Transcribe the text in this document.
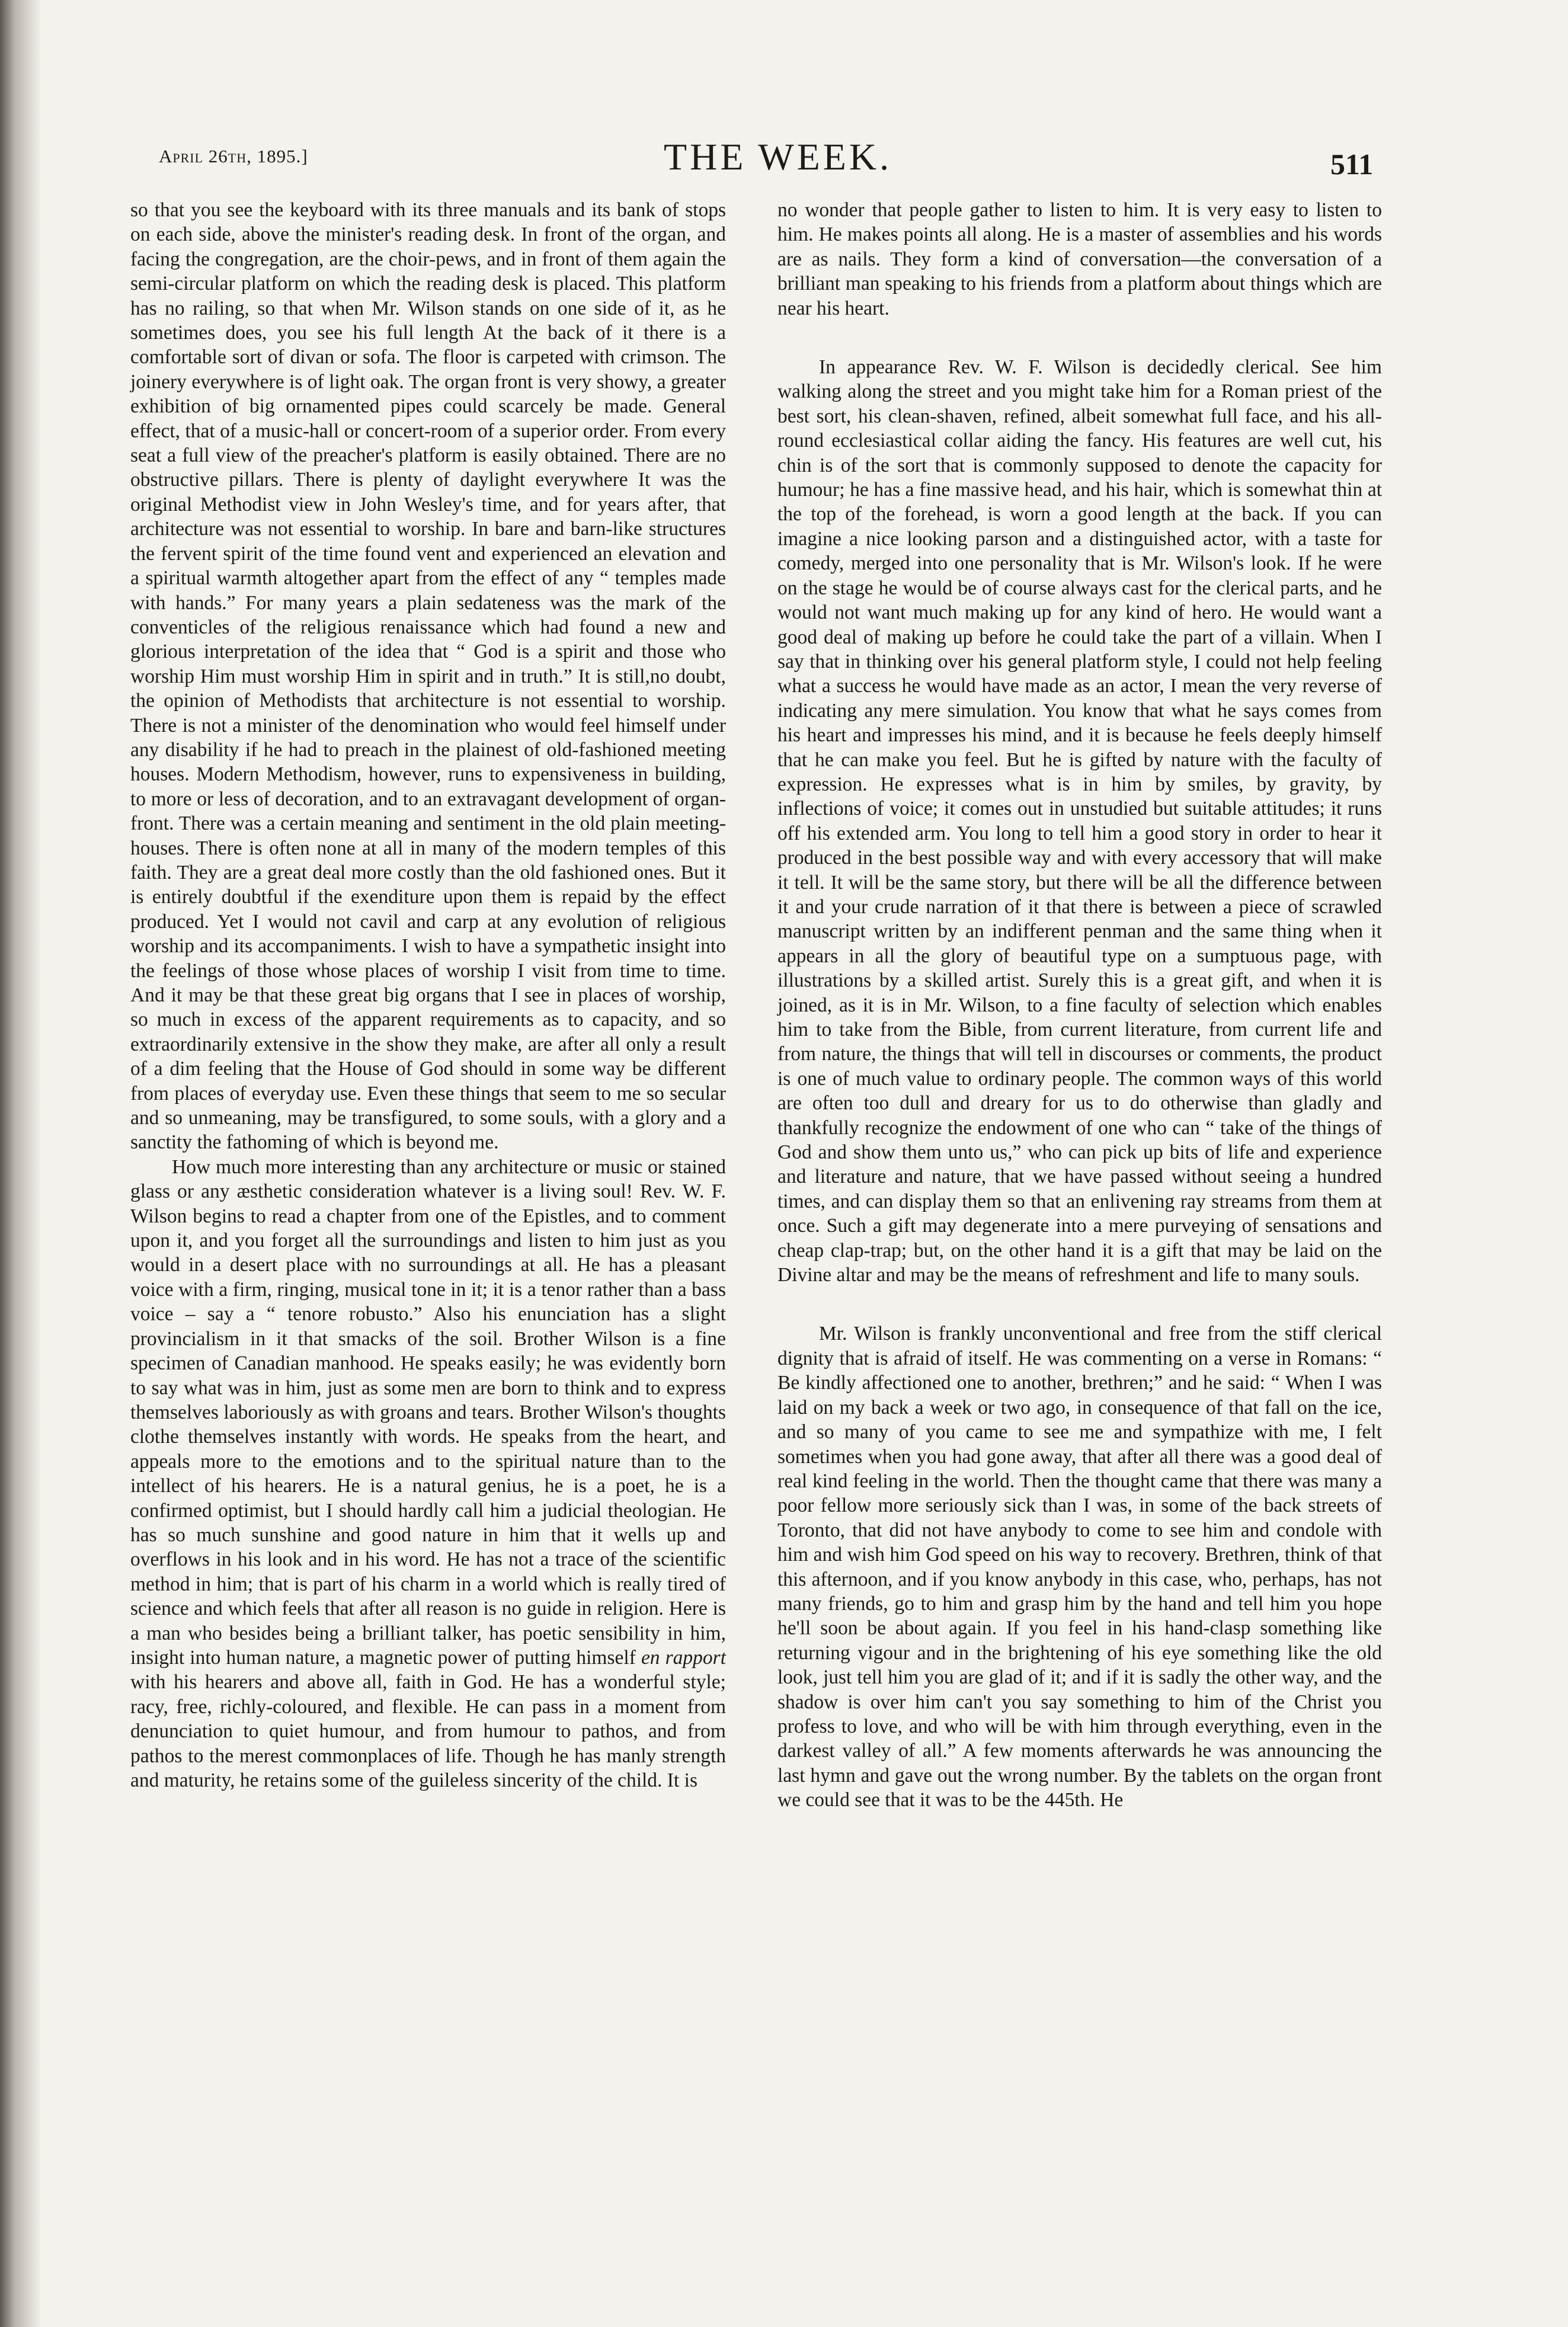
April 26th, 1895.]	THE WEEK.	511

so that you see the keyboard with its three manuals and its bank of stops on each side, above the minister's reading desk. In front of the organ, and facing the congregation, are the choir-pews, and in front of them again the semi-circular platform on which the reading desk is placed. This platform has no railing, so that when Mr. Wilson stands on one side of it, as he sometimes does, you see his full length At the back of it there is a comfortable sort of divan or sofa. The floor is carpeted with crimson. The joinery everywhere is of light oak. The organ front is very showy, a greater exhibition of big ornamented pipes could scarcely be made. General effect, that of a music-hall or concert-room of a superior order. From every seat a full view of the preacher's platform is easily obtained. There are no obstructive pillars. There is plenty of daylight everywhere It was the original Methodist view in John Wesley's time, and for years after, that architecture was not essential to worship. In bare and barn-like structures the fervent spirit of the time found vent and experienced an elevation and a spiritual warmth altogether apart from the effect of any “ temples made with hands.” For many years a plain sedateness was the mark of the conventicles of the religious renaissance which had found a new and glorious interpretation of the idea that “ God is a spirit and those who worship Him must worship Him in spirit and in truth.” It is still,no doubt, the opinion of Methodists that architecture is not essential to worship. There is not a minister of the denomination who would feel himself under any disability if he had to preach in the plainest of old-fashioned meeting houses. Modern Methodism, however, runs to expensiveness in building, to more or less of decoration, and to an extravagant development of organ-front. There was a certain meaning and sentiment in the old plain meeting-houses. There is often none at all in many of the modern temples of this faith. They are a great deal more costly than the old fashioned ones. But it is entirely doubtful if the exenditure upon them is repaid by the effect produced. Yet I would not cavil and carp at any evolution of religious worship and its accompaniments. I wish to have a sympathetic insight into the feelings of those whose places of worship I visit from time to time. And it may be that these great big organs that I see in places of worship, so much in excess of the apparent requirements as to capacity, and so extraordinarily extensive in the show they make, are after all only a result of a dim feeling that the House of God should in some way be different from places of everyday use. Even these things that seem to me so secular and so unmeaning, may be transfigured, to some souls, with a glory and a sanctity the fathoming of which is beyond me.

How much more interesting than any architecture or music or stained glass or any æsthetic consideration whatever is a living soul! Rev. W. F. Wilson begins to read a chapter from one of the Epistles, and to comment upon it, and you forget all the surroundings and listen to him just as you would in a desert place with no surroundings at all. He has a pleasant voice with a firm, ringing, musical tone in it; it is a tenor rather than a bass voice – say a “ tenore robusto.” Also his enunciation has a slight provincialism in it that smacks of the soil. Brother Wilson is a fine specimen of Canadian manhood. He speaks easily; he was evidently born to say what was in him, just as some men are born to think and to express themselves laboriously as with groans and tears. Brother Wilson's thoughts clothe themselves instantly with words. He speaks from the heart, and appeals more to the emotions and to the spiritual nature than to the intellect of his hearers. He is a natural genius, he is a poet, he is a confirmed optimist, but I should hardly call him a judicial theologian. He has so much sunshine and good nature in him that it wells up and overflows in his look and in his word. He has not a trace of the scientific method in him; that is part of his charm in a world which is really tired of science and which feels that after all reason is no guide in religion. Here is a man who besides being a brilliant talker, has poetic sensibility in him, insight into human nature, a magnetic power of putting himself en rapport with his hearers and above all, faith in God. He has a wonderful style; racy, free, richly-coloured, and flexible. He can pass in a moment from denunciation to quiet humour, and from humour to pathos, and from pathos to the merest commonplaces of life. Though he has manly strength and maturity, he retains some of the guileless sincerity of the child. It is

no wonder that people gather to listen to him. It is very easy to listen to him. He makes points all along. He is a master of assemblies and his words are as nails. They form a kind of conversation—the conversation of a brilliant man speaking to his friends from a platform about things which are near his heart.

In appearance Rev. W. F. Wilson is decidedly clerical. See him walking along the street and you might take him for a Roman priest of the best sort, his clean-shaven, refined, albeit somewhat full face, and his all-round ecclesiastical collar aiding the fancy. His features are well cut, his chin is of the sort that is commonly supposed to denote the capacity for humour; he has a fine massive head, and his hair, which is somewhat thin at the top of the forehead, is worn a good length at the back. If you can imagine a nice looking parson and a distinguished actor, with a taste for comedy, merged into one personality that is Mr. Wilson's look. If he were on the stage he would be of course always cast for the clerical parts, and he would not want much making up for any kind of hero. He would want a good deal of making up before he could take the part of a villain. When I say that in thinking over his general platform style, I could not help feeling what a success he would have made as an actor, I mean the very reverse of indicating any mere simulation. You know that what he says comes from his heart and impresses his mind, and it is because he feels deeply himself that he can make you feel. But he is gifted by nature with the faculty of expression. He expresses what is in him by smiles, by gravity, by inflections of voice; it comes out in unstudied but suitable attitudes; it runs off his extended arm. You long to tell him a good story in order to hear it produced in the best possible way and with every accessory that will make it tell. It will be the same story, but there will be all the difference between it and your crude narration of it that there is between a piece of scrawled manuscript written by an indifferent penman and the same thing when it appears in all the glory of beautiful type on a sumptuous page, with illustrations by a skilled artist. Surely this is a great gift, and when it is joined, as it is in Mr. Wilson, to a fine faculty of selection which enables him to take from the Bible, from current literature, from current life and from nature, the things that will tell in discourses or comments, the product is one of much value to ordinary people. The common ways of this world are often too dull and dreary for us to do otherwise than gladly and thankfully recognize the endowment of one who can “ take of the things of God and show them unto us,” who can pick up bits of life and experience and literature and nature, that we have passed without seeing a hundred times, and can display them so that an enlivening ray streams from them at once. Such a gift may degenerate into a mere purveying of sensations and cheap clap-trap; but, on the other hand it is a gift that may be laid on the Divine altar and may be the means of refreshment and life to many souls.

Mr. Wilson is frankly unconventional and free from the stiff clerical dignity that is afraid of itself. He was commenting on a verse in Romans: “ Be kindly affectioned one to another, brethren;” and he said: “ When I was laid on my back a week or two ago, in consequence of that fall on the ice, and so many of you came to see me and sympathize with me, I felt sometimes when you had gone away, that after all there was a good deal of real kind feeling in the world. Then the thought came that there was many a poor fellow more seriously sick than I was, in some of the back streets of Toronto, that did not have anybody to come to see him and condole with him and wish him God speed on his way to recovery. Brethren, think of that this afternoon, and if you know anybody in this case, who, perhaps, has not many friends, go to him and grasp him by the hand and tell him you hope he'll soon be about again. If you feel in his hand-clasp something like returning vigour and in the brightening of his eye something like the old look, just tell him you are glad of it; and if it is sadly the other way, and the shadow is over him can't you say something to him of the Christ you profess to love, and who will be with him through everything, even in the darkest valley of all.” A few moments afterwards he was announcing the last hymn and gave out the wrong number. By the tablets on the organ front we could see that it was to be the 445th. He
